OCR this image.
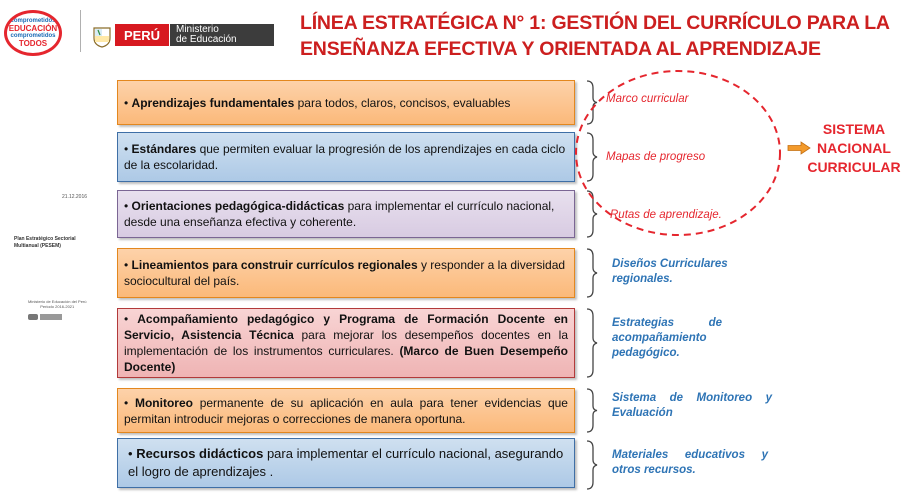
comprometidos
EDUCACIÓN
comprometidos
TODOS
PERÚ	Ministerio
de Educación
LÍNEA ESTRATÉGICA N° 1: GESTIÓN DEL CURRÍCULO PARA LA ENSEÑANZA EFECTIVA Y ORIENTADA AL APRENDIZAJE
21.12.2016
Plan Estratégico Sectorial
Multianual (PESEM)
Ministerio de Educación del Perú
Periodo 2016-2021
• Aprendizajes fundamentales para todos, claros, concisos, evaluables
• Estándares que permiten evaluar la progresión de los aprendizajes en cada ciclo de la escolaridad.
• Orientaciones pedagógica-didácticas para implementar el currículo nacional, desde una enseñanza efectiva y coherente.
• Lineamientos para construir currículos regionales y responder a la diversidad sociocultural del país.
• Acompañamiento pedagógico y Programa de Formación Docente en Servicio, Asistencia Técnica para mejorar los desempeños docentes en la implementación de los instrumentos curriculares. (Marco de Buen Desempeño Docente)
• Monitoreo permanente de su aplicación en aula para tener evidencias que permitan introducir mejoras o correcciones de manera oportuna.
• Recursos didácticos para implementar el currículo nacional, asegurando el logro de aprendizajes .
Marco curricular
Mapas de progreso
Rutas de aprendizaje.
Diseños Curriculares regionales.
Estrategias de acompañamiento pedagógico.
Sistema de Monitoreo y Evaluación
Materiales educativos y otros recursos.
SISTEMA NACIONAL CURRICULAR
